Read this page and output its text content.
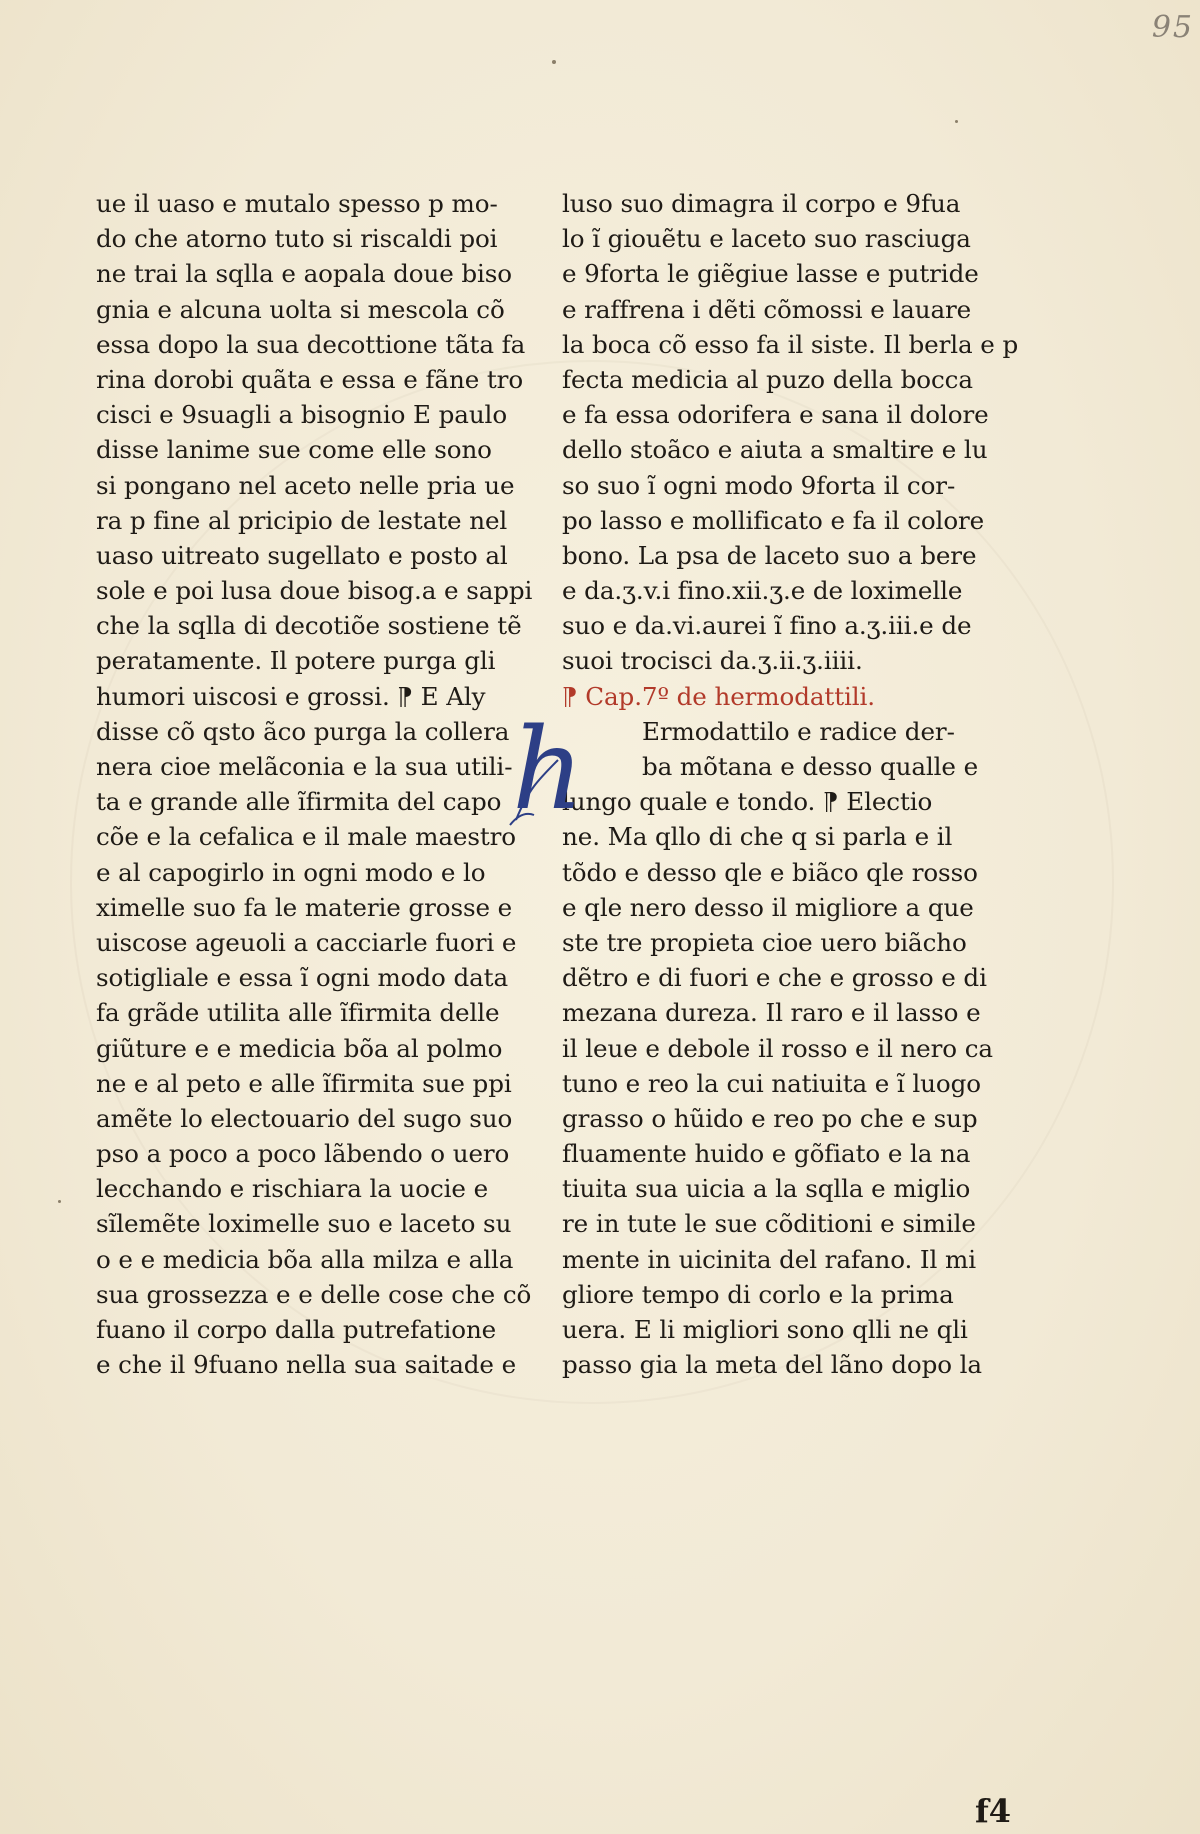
95
ue il uaso e mutalo spesso p mo-
do che atorno tuto si riscaldi poi
ne trai la sqlla e aopala doue biso
gnia e alcuna uolta si mescola cõ
essa dopo la sua decottione tãta fa
rina dorobi quãta e essa e fãne tro
cisci e 9suagli a bisognio E paulo
disse lanime sue come elle sono
si pongano nel aceto nelle pria ue
ra p fine al pricipio de lestate nel
uaso uitreato sugellato e posto al
sole e poi lusa doue bisog.a e sappi
che la sqlla di decotiõe sostiene tẽ
peratamente. Il potere purga gli
humori uiscosi e grossi. ⁋ E Aly
disse cõ qsto ãco purga la collera
nera cioe melãconia e la sua utili-
ta e grande alle ĩfirmita del capo
cõe e la cefalica e il male maestro
e al capogirlo in ogni modo e lo
ximelle suo fa le materie grosse e
uiscose ageuoli a cacciarle fuori e
sotigliale e essa ĩ ogni modo data
fa grãde utilita alle ĩfirmita delle
giũture e e medicia bõa al polmo
ne e al peto e alle ĩfirmita sue ppi
amẽte lo electouario del sugo suo
pso a poco a poco lãbendo o uero
lecchando e rischiara la uocie e
sĩlemẽte loximelle suo e laceto su
o e e medicia bõa alla milza e alla
sua grossezza e e delle cose che cõ
fuano il corpo dalla putrefatione
e che il 9fuano nella sua saitade e
luso suo dimagra il corpo e 9fua
lo ĩ giouẽtu e laceto suo rasciuga
e 9forta le giẽgiue lasse e putride
e raffrena i dẽti cõmossi e lauare
la boca cõ esso fa il siste. Il berla e p
fecta medicia al puzo della bocca
e fa essa odorifera e sana il dolore
dello stoãco e aiuta a smaltire e lu
so suo ĩ ogni modo 9forta il cor-
po lasso e mollificato e fa il colore
bono. La psa de laceto suo a bere
e da.ʒ.v.i fino.xii.ʒ.e de loximelle
suo e da.vi.aurei ĩ fino a.ʒ.iii.e de
suoi trocisci da.ʒ.ii.ʒ.iiii.
⁋ Cap.7º de hermodattili.
Ermodattilo e radice der-
ba mõtana e desso qualle e
lungo quale e tondo. ⁋ Electio
ne. Ma qllo di che q si parla e il
tõdo e desso qle e biãco qle rosso
e qle nero desso il migliore a que
ste tre propieta cioe uero biãcho
dẽtro e di fuori e che e grosso e di
mezana dureza. Il raro e il lasso e
il leue e debole il rosso e il nero ca
tuno e reo la cui natiuita e ĩ luogo
grasso o hũido e reo po che e sup
fluamente huido e gõfiato e la na
tiuita sua uicia a la sqlla e miglio
re in tute le sue cõditioni e simile
mente in uicinita del rafano. Il mi
gliore tempo di corlo e la prima
uera. E li migliori sono qlli ne qli
passo gia la meta del lãno dopo la
h
f4
